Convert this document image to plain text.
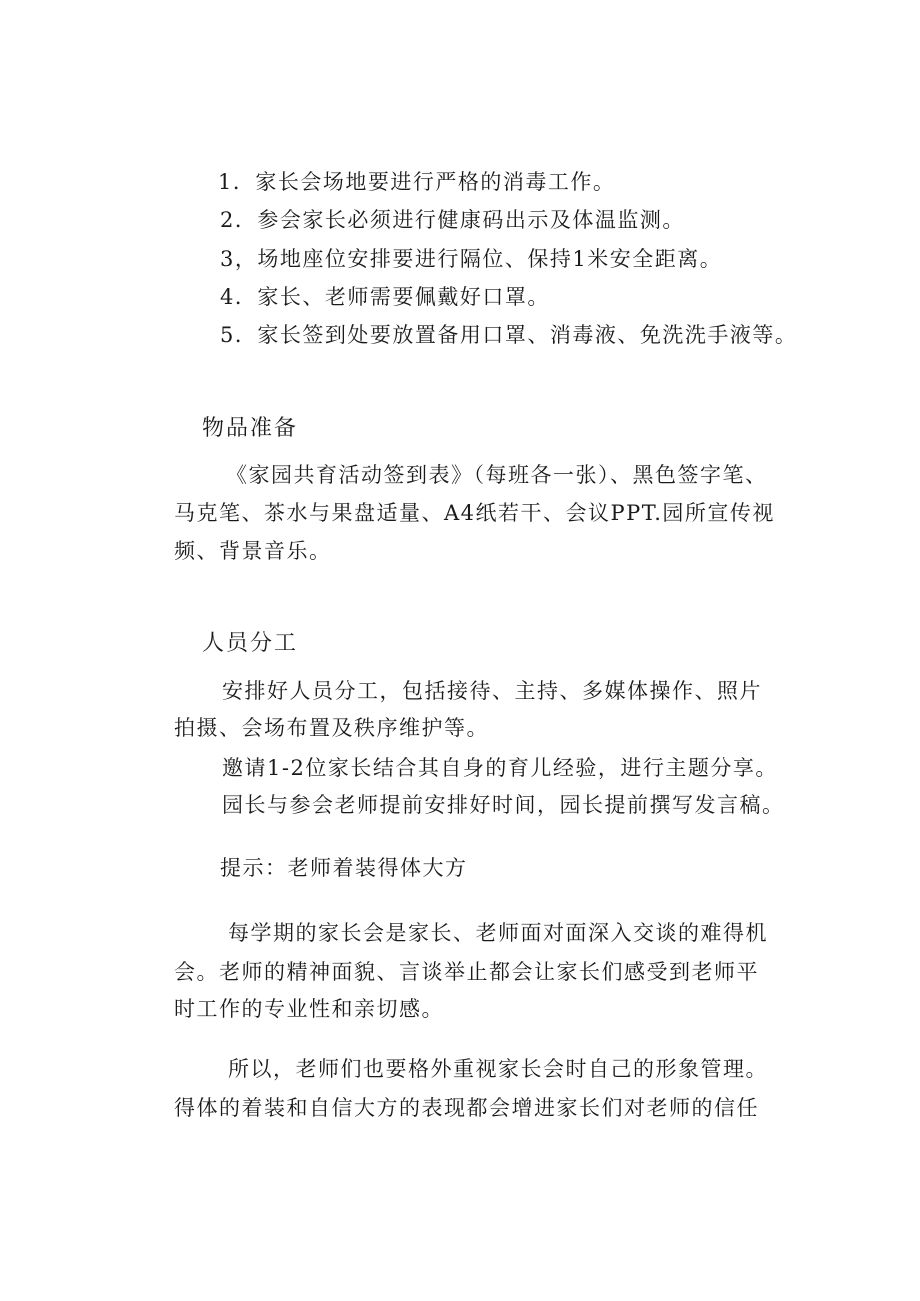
1．家长会场地要进行严格的消毒工作。
2．参会家长必须进行健康码出示及体温监测。
3，场地座位安排要进行隔位、保持1米安全距离。
4．家长、老师需要佩戴好口罩。
5．家长签到处要放置备用口罩、消毒液、免洗洗手液等。
物品准备
《家园共育活动签到表》（每班各一张）、黑色签字笔、
马克笔、茶水与果盘适量、A4纸若干、会议PPT.园所宣传视
频、背景音乐。
人员分工
安排好人员分工，包括接待、主持、多媒体操作、照片
拍摄、会场布置及秩序维护等。
邀请1-2位家长结合其自身的育儿经验，进行主题分享。
园长与参会老师提前安排好时间，园长提前撰写发言稿。
提示：老师着装得体大方
每学期的家长会是家长、老师面对面深入交谈的难得机
会。老师的精神面貌、言谈举止都会让家长们感受到老师平
时工作的专业性和亲切感。
所以，老师们也要格外重视家长会时自己的形象管理。
得体的着装和自信大方的表现都会增进家长们对老师的信任
